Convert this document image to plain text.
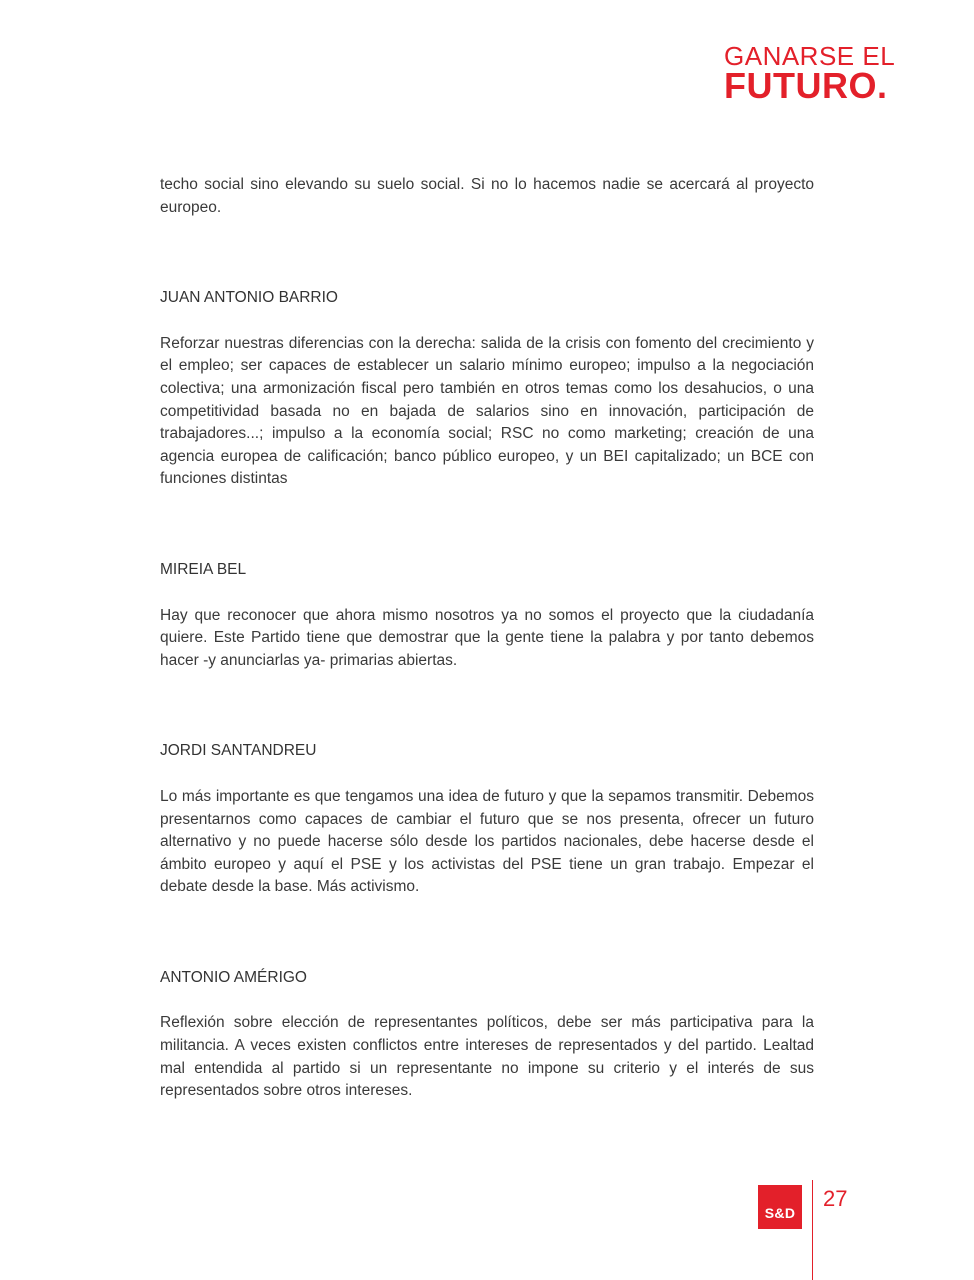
GANARSE EL
FUTURO.

techo social sino elevando su suelo social. Si no lo hacemos nadie se acercará al proyecto europeo.

JUAN ANTONIO BARRIO

Reforzar nuestras diferencias con la derecha: salida de la crisis con fomento del crecimiento y el empleo; ser capaces de establecer un salario mínimo europeo; impulso a la negociación colectiva; una armonización fiscal pero también en otros temas como los desahucios, o una competitividad basada no en bajada de salarios sino en innovación, participación de trabajadores...; impulso a la economía social; RSC no como marketing; creación de una agencia europea de calificación; banco público europeo, y un BEI capitalizado; un BCE con funciones distintas

MIREIA BEL

Hay que reconocer que ahora mismo nosotros ya no somos el proyecto que la ciudadanía quiere. Este Partido tiene que demostrar que la gente tiene la palabra y por tanto debemos hacer -y anunciarlas ya- primarias abiertas.

JORDI SANTANDREU

Lo más importante es que tengamos una idea de futuro y que la sepamos transmitir. Debemos presentarnos como capaces de cambiar el futuro que se nos presenta, ofrecer un futuro alternativo y no puede hacerse sólo desde los partidos nacionales, debe hacerse desde el ámbito europeo y aquí el PSE y los activistas del PSE tiene un gran trabajo. Empezar el debate desde la base. Más activismo.

ANTONIO AMÉRIGO

Reflexión sobre elección de representantes políticos, debe ser más participativa para la militancia. A veces existen conflictos entre intereses de representados y del partido. Lealtad mal entendida al partido si un representante no impone su criterio y el interés de sus representados sobre otros intereses.

S&D
27
